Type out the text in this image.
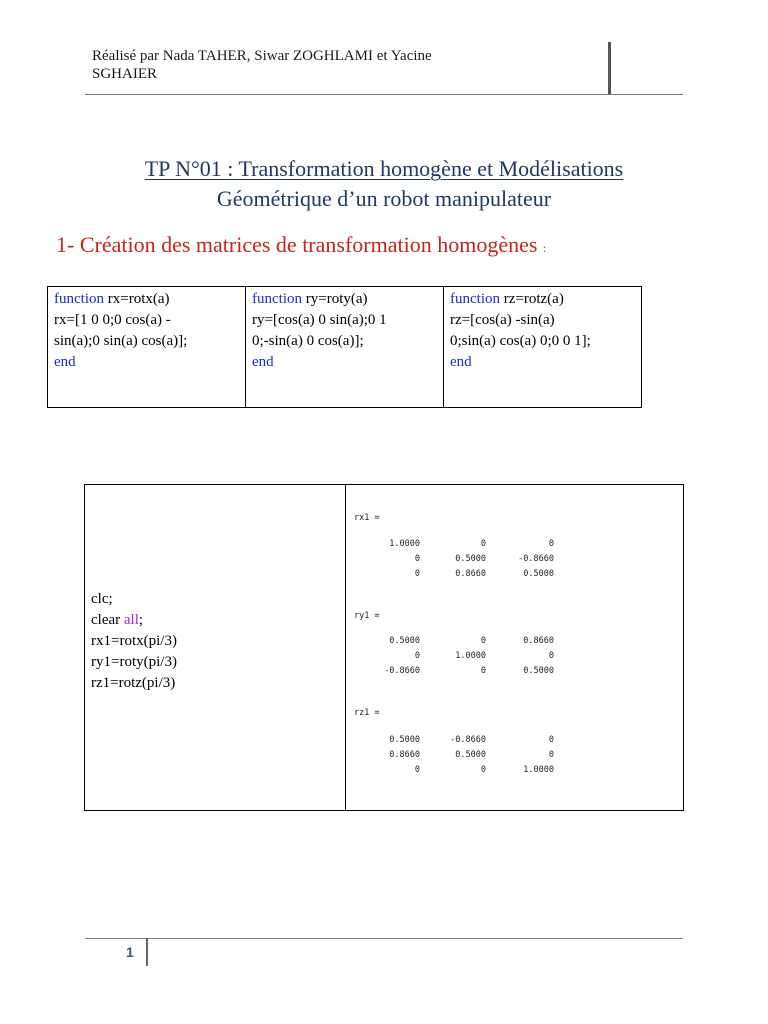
Réalisé par Nada TAHER, Siwar ZOGHLAMI et Yacine
SGHAIER
TP N°01 : Transformation homogène et Modélisations
Géométrique d’un robot manipulateur
1- Création des matrices de transformation homogènes :
function rx=rotx(a)
rx=[1 0 0;0 cos(a) -
sin(a);0 sin(a) cos(a)];
end

function ry=roty(a)
ry=[cos(a) 0 sin(a);0 1
0;-sin(a) 0 cos(a)];
end

function rz=rotz(a)
rz=[cos(a) -sin(a)
0;sin(a) cos(a) 0;0 0 1];
end
clc;
clear all;
rx1=rotx(pi/3)
ry1=roty(pi/3)
rz1=rotz(pi/3)

rx1 =
1.0000	0	0
0	0.5000	-0.8660
0	0.8660	0.5000
ry1 =
0.5000	0	0.8660
0	1.0000	0
-0.8660	0	0.5000
rz1 =
0.5000	-0.8660	0
0.8660	0.5000	0
0	0	1.0000
1
